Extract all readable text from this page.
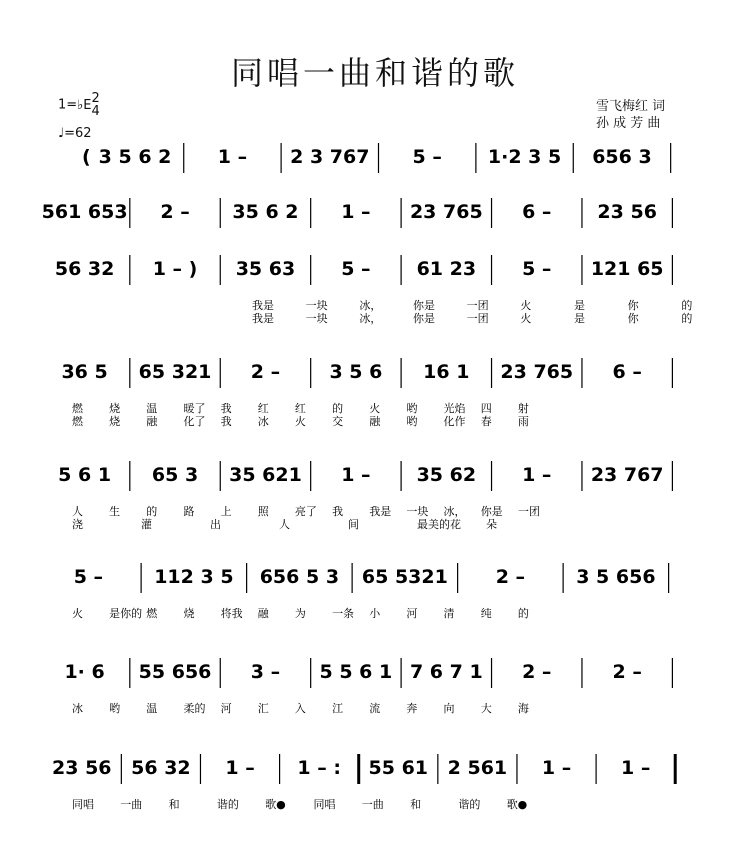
同唱一曲和谐的歌
雪飞梅红 词
孙 成 芳 曲
1=♭E2
4
♩=62
( 3 5 6 2 1 – 2 3 767 5 – 1·2 3 5 656 3
561 653 2 – 35 6 2 1 – 23 765 6 – 23 56
56 32 1 – ) 35 63 5 – 61 23 5 – 121 65
我是	一块	冰，	你是	一团	火	是	你	的
我是	一块	冰，	你是	一团	火	是	你	的
36 5 65 321 2 –	3 5 6 16 1 23 765 6 –
燃 烧 温 暖了 我 红 红 的 火 哟 光焰 四 射
燃 烧 融 化了 我 冰 火 交 融 哟 化作 春 雨
5 6 1 65 3 35 621 1 – 35 62 1 – 23 767
人 生 的 路 上 照 亮了 我 我是 一块 冰， 你是 一团
浇	灌	出	人	间	最美的花 朵
5 –	112 3 5 656 5 3 65 5321	2 –	3 5 656
火 是你的 燃 烧 将我 融 为 一条 小 河 清 纯 的
1· 6 55 656 3 – 5 5 6 1 7 6 7 1 2 –	2 –
冰 哟 温 柔的 河 汇 入 江 流 奔 向 大 海
23 56 56 32 1 – 1 – : 55 61 2 561 1 –	1 –
同唱 一曲 和	谐的 歌●	同唱 一曲 和	谐的 歌●
